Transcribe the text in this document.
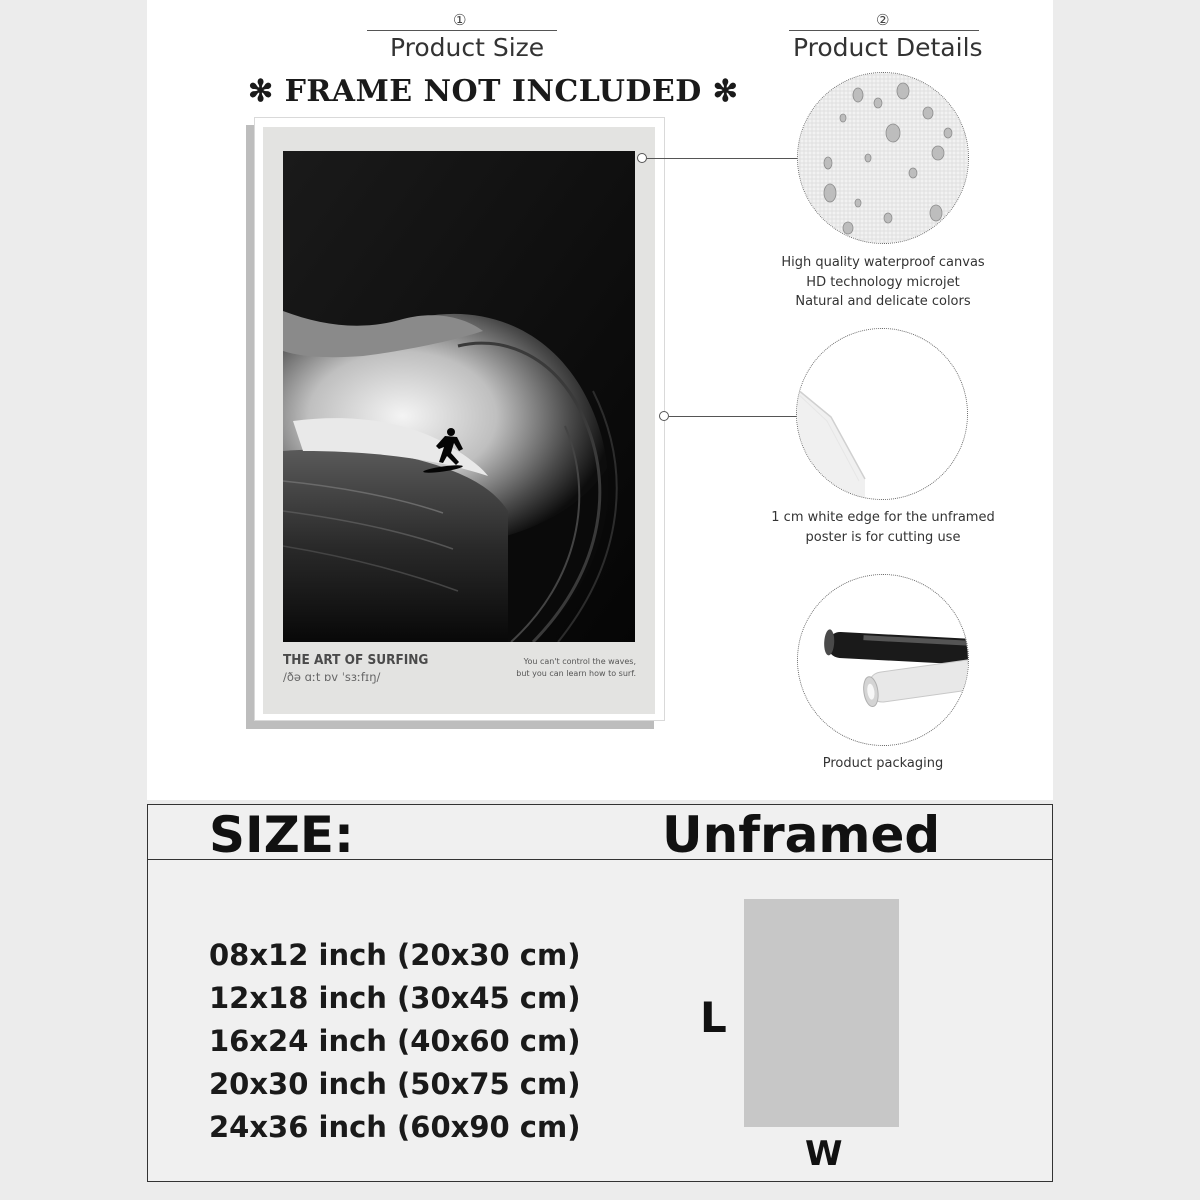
①
Product Size
②
Product Details
✻ FRAME NOT INCLUDED ✻
THE ART OF SURFING
/ðə ɑːt ɒv ˈsɜːfɪŋ/
You can't control the waves,
but you can learn how to surf.
High quality waterproof canvas
HD technology microjet
Natural and delicate colors
1 cm white edge for the unframed
poster is for cutting use
Product packaging
SIZE:	Unframed
08x12 inch (20x30 cm)
12x18 inch (30x45 cm)
16x24 inch (40x60 cm)
20x30 inch (50x75 cm)
24x36 inch (60x90 cm)
L
W
